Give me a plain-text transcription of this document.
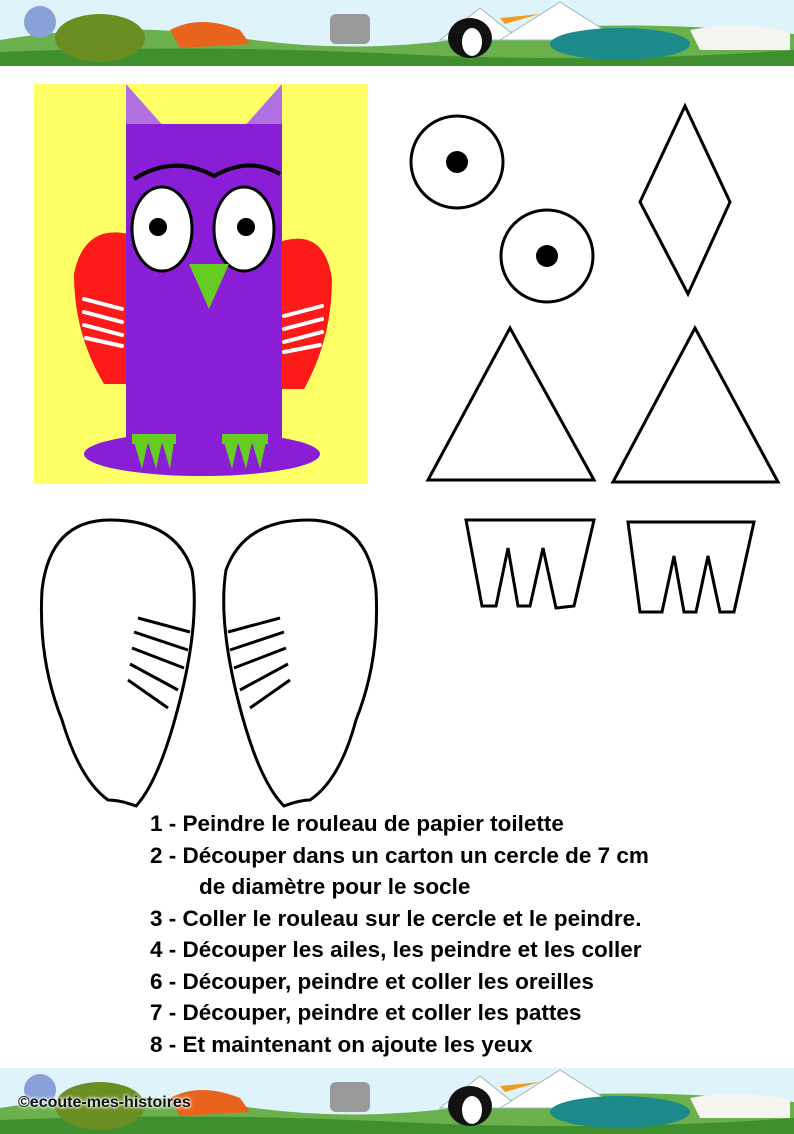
1 - Peindre le rouleau de papier toilette
2 - Découper dans un carton un cercle de 7 cm
de diamètre pour le socle
3 - Coller le rouleau sur le cercle et le peindre.
4 - Découper les ailes, les peindre et les coller
6 - Découper, peindre et coller les oreilles
7 - Découper, peindre et coller les pattes
8 - Et maintenant on ajoute les yeux
©ecoute-mes-histoires
